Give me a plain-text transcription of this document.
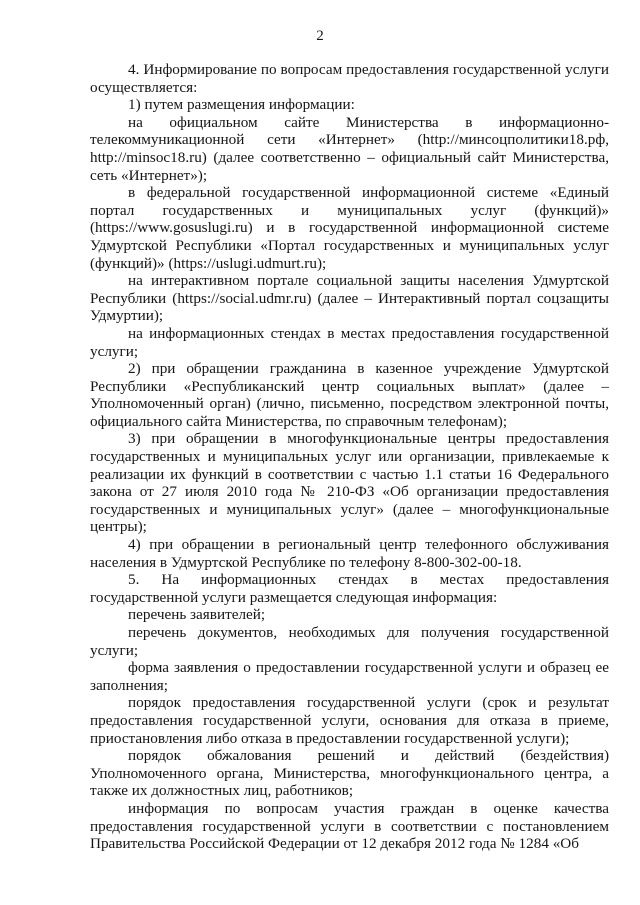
2

4. Информирование по вопросам предоставления государственной услуги осуществляется:

1) путем размещения информации:

на официальном сайте Министерства в информационно-телекоммуникационной сети «Интернет» (http://минсоцполитики18.рф, http://minsoc18.ru) (далее соответственно – официальный сайт Министерства, сеть «Интернет»);

в федеральной государственной информационной системе «Единый портал государственных и муниципальных услуг (функций)» (https://www.gosuslugi.ru) и в государственной информационной системе Удмуртской Республики «Портал государственных и муниципальных услуг (функций)» (https://uslugi.udmurt.ru);

на интерактивном портале социальной защиты населения Удмуртской Республики (https://social.udmr.ru) (далее – Интерактивный портал соцзащиты Удмуртии);

на информационных стендах в местах предоставления государственной услуги;

2) при обращении гражданина в казенное учреждение Удмуртской Республики «Республиканский центр социальных выплат» (далее – Уполномоченный орган) (лично, письменно, посредством электронной почты, официального сайта Министерства, по справочным телефонам);

3) при обращении в многофункциональные центры предоставления государственных и муниципальных услуг или организации, привлекаемые к реализации их функций в соответствии с частью 1.1 статьи 16 Федерального закона от 27 июля 2010 года № 210-ФЗ «Об организации предоставления государственных и муниципальных услуг» (далее – многофункциональные центры);

4) при обращении в региональный центр телефонного обслуживания населения в Удмуртской Республике по телефону 8-800-302-00-18.

5. На информационных стендах в местах предоставления государственной услуги размещается следующая информация:

перечень заявителей;

перечень документов, необходимых для получения государственной услуги;

форма заявления о предоставлении государственной услуги и образец ее заполнения;

порядок предоставления государственной услуги (срок и результат предоставления государственной услуги, основания для отказа в приеме, приостановления либо отказа в предоставлении государственной услуги);

порядок обжалования решений и действий (бездействия) Уполномоченного органа, Министерства, многофункционального центра, а также их должностных лиц, работников;

информация по вопросам участия граждан в оценке качества предоставления государственной услуги в соответствии с постановлением Правительства Российской Федерации от 12 декабря 2012 года № 1284 «Об
